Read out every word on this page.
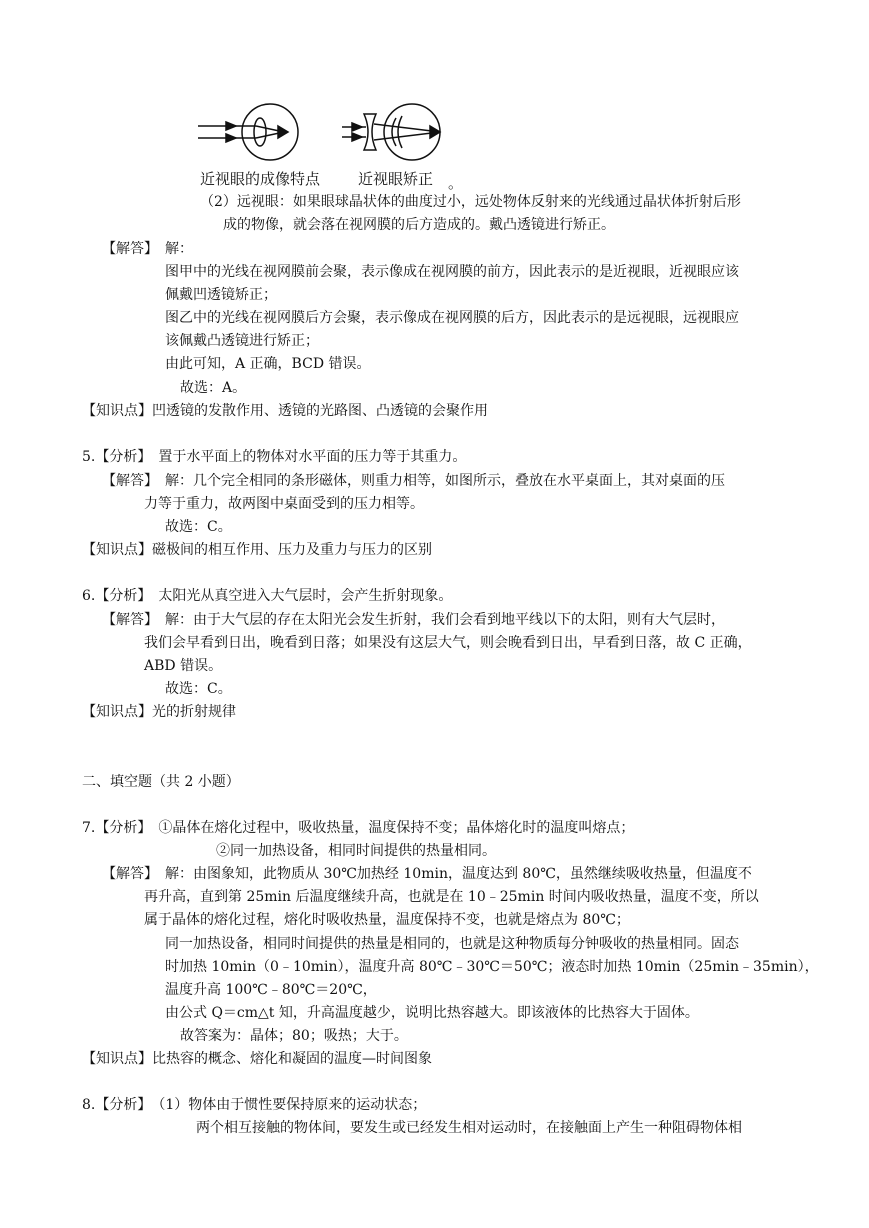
近视眼的成像特点	近视眼矫正 。
（2）远视眼：如果眼球晶状体的曲度过小，远处物体反射来的光线通过晶状体折射后形
成的物像，就会落在视网膜的后方造成的。戴凸透镜进行矫正。
【解答】　解：
图甲中的光线在视网膜前会聚，表示像成在视网膜的前方，因此表示的是近视眼，近视眼应该
佩戴凹透镜矫正；
图乙中的光线在视网膜后方会聚，表示像成在视网膜的后方，因此表示的是远视眼，远视眼应
该佩戴凸透镜进行矫正；
由此可知，A 正确，BCD 错误。
故选：A。
【知识点】凹透镜的发散作用、透镜的光路图、凸透镜的会聚作用
5.【分析】　置于水平面上的物体对水平面的压力等于其重力。
【解答】　解：几个完全相同的条形磁体，则重力相等，如图所示，叠放在水平桌面上，其对桌面的压
力等于重力，故两图中桌面受到的压力相等。
故选：C。
【知识点】磁极间的相互作用、压力及重力与压力的区别
6.【分析】　太阳光从真空进入大气层时，会产生折射现象。
【解答】　解：由于大气层的存在太阳光会发生折射，我们会看到地平线以下的太阳，则有大气层时，
我们会早看到日出，晚看到日落；如果没有这层大气，则会晚看到日出，早看到日落，故 C 正确，
ABD 错误。
故选：C。
【知识点】光的折射规律
二、填空题（共 2 小题）
7.【分析】　①晶体在熔化过程中，吸收热量，温度保持不变；晶体熔化时的温度叫熔点；
②同一加热设备，相同时间提供的热量相同。
【解答】　解：由图象知，此物质从 30℃加热经 10min，温度达到 80℃，虽然继续吸收热量，但温度不
再升高，直到第 25min 后温度继续升高，也就是在 10﹣25min 时间内吸收热量，温度不变，所以
属于晶体的熔化过程，熔化时吸收热量，温度保持不变，也就是熔点为 80℃；
同一加热设备，相同时间提供的热量是相同的，也就是这种物质每分钟吸收的热量相同。固态
时加热 10min（0﹣10min），温度升高 80℃﹣30℃＝50℃；液态时加热 10min（25min﹣35min），
温度升高 100℃﹣80℃＝20℃，
由公式 Q＝cm△t 知，升高温度越少，说明比热容越大。即该液体的比热容大于固体。
故答案为：晶体；80；吸热；大于。
【知识点】比热容的概念、熔化和凝固的温度—时间图象
8.【分析】　（1）物体由于惯性要保持原来的运动状态；
两个相互接触的物体间，要发生或已经发生相对运动时，在接触面上产生一种阻碍物体相
